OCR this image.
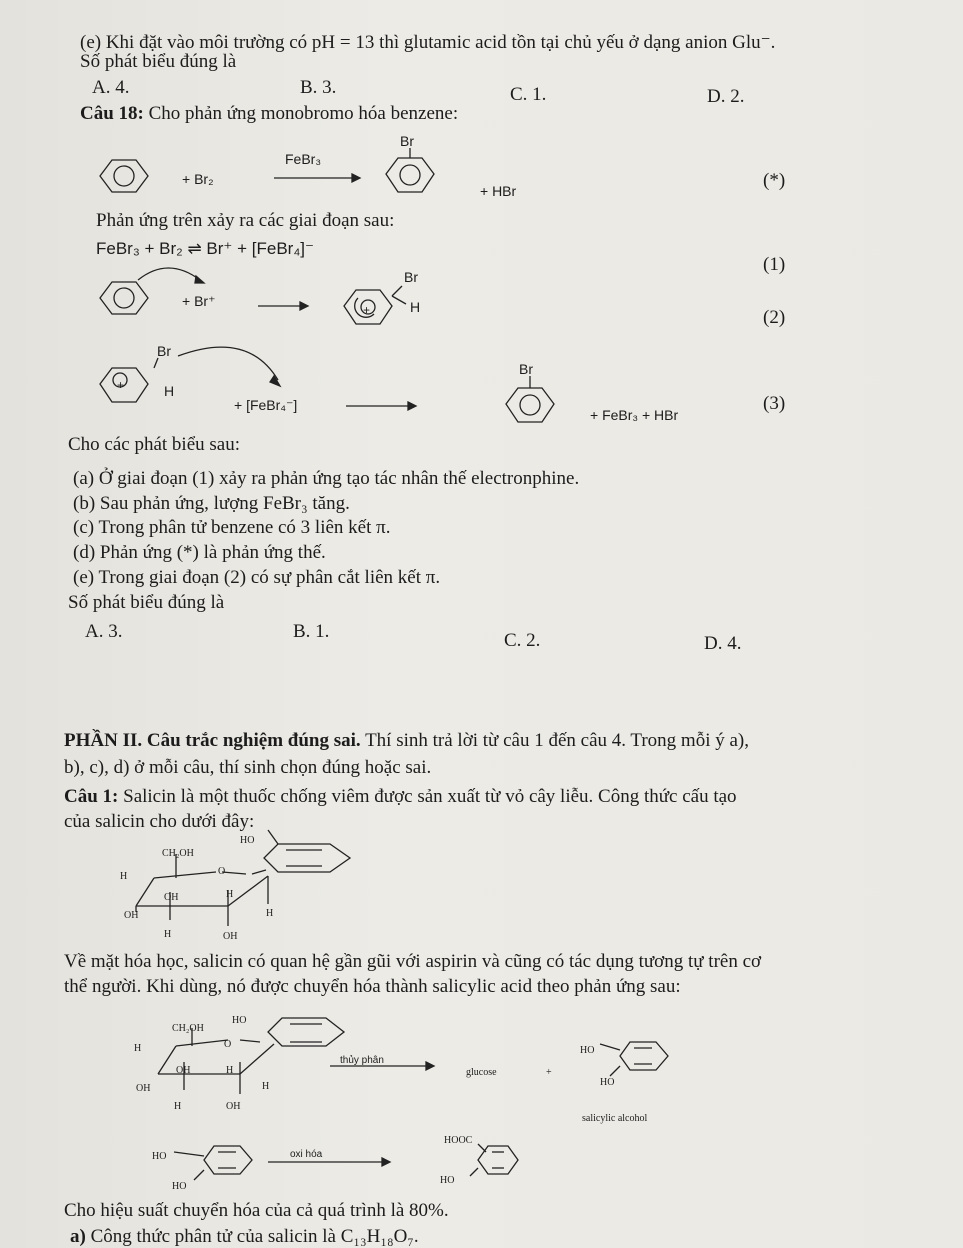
(e) Khi đặt vào môi trường có pH = 13 thì glutamic acid tồn tại chủ yếu ở dạng anion Glu⁻.
Số phát biểu đúng là
A. 4.	B. 3.	C. 1.	D. 2.
Câu 18: Cho phản ứng monobromo hóa benzene:
+ Br₂
FeBr₃
Br
+ HBr	(*)
Phản ứng trên xảy ra các giai đoạn sau:
FeBr₃ + Br₂ ⇌ Br⁺ + [FeBr₄]⁻
(1)
+ Br⁺
Br
H
+	(2)
Br
H
+
+ [FeBr₄⁻]
Br
+ FeBr₃ + HBr
(3)
Cho các phát biểu sau:
(a) Ở giai đoạn (1) xảy ra phản ứng tạo tác nhân thế electronphine.
(b) Sau phản ứng, lượng FeBr₃ tăng.
(c) Trong phân tử benzene có 3 liên kết π.
(d) Phản ứng (*) là phản ứng thế.
(e) Trong giai đoạn (2) có sự phân cắt liên kết π.
Số phát biểu đúng là
A. 3.	B. 1.	C. 2.	D. 4.
PHẦN II. Câu trắc nghiệm đúng sai. Thí sinh trả lời từ câu 1 đến câu 4. Trong mỗi ý a),
b), c), d) ở mỗi câu, thí sinh chọn đúng hoặc sai.
Câu 1: Salicin là một thuốc chống viêm được sản xuất từ vỏ cây liễu. Công thức cấu tạo
của salicin cho dưới đây:
HO
CH₂OH
H	O
OH	H
OH	H
H	OH
Về mặt hóa học, salicin có quan hệ gần gũi với aspirin và cũng có tác dụng tương tự trên cơ
thể người. Khi dùng, nó được chuyển hóa thành salicylic acid theo phản ứng sau:
HO
CH₂OH
H	O
OH	H
OH	H
H	OH
thủy phân
glucose	+
HO
HO
salicylic alcohol
HO
HO
oxi hóa
HOOC
HO
Cho hiệu suất chuyển hóa của cả quá trình là 80%.
a) Công thức phân tử của salicin là C₁₃H₁₈O₇.
